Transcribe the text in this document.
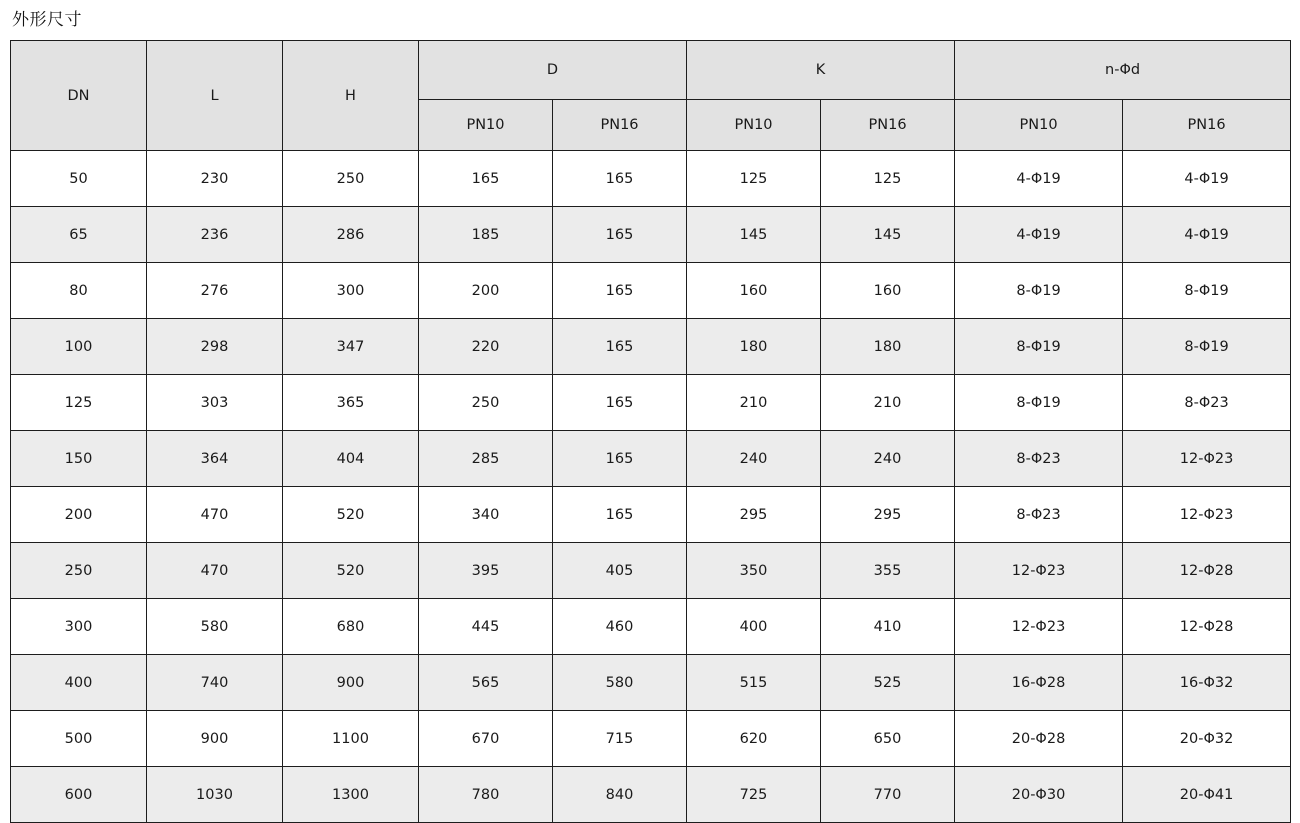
外形尺寸
DN	L	H	D		K		n-Φd	
			PN10	PN16	PN10	PN16	PN10	PN16
50	230	250	165	165	125	125	4-Φ19	4-Φ19
65	236	286	185	165	145	145	4-Φ19	4-Φ19
80	276	300	200	165	160	160	8-Φ19	8-Φ19
100	298	347	220	165	180	180	8-Φ19	8-Φ19
125	303	365	250	165	210	210	8-Φ19	8-Φ23
150	364	404	285	165	240	240	8-Φ23	12-Φ23
200	470	520	340	165	295	295	8-Φ23	12-Φ23
250	470	520	395	405	350	355	12-Φ23	12-Φ28
300	580	680	445	460	400	410	12-Φ23	12-Φ28
400	740	900	565	580	515	525	16-Φ28	16-Φ32
500	900	1100	670	715	620	650	20-Φ28	20-Φ32
600	1030	1300	780	840	725	770	20-Φ30	20-Φ41
